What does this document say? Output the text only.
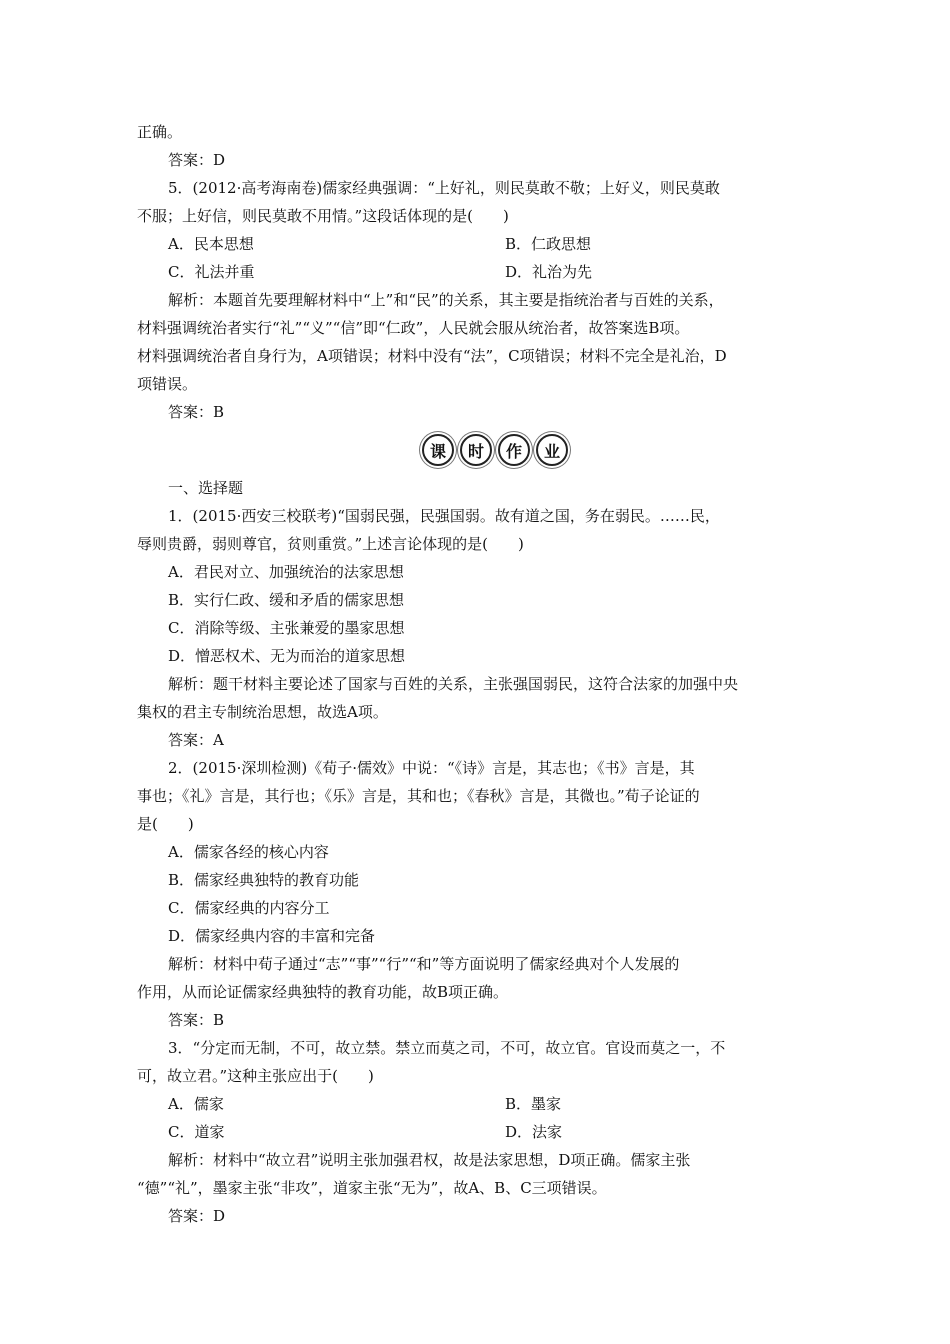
正确。
答案：D
5．(2012·高考海南卷)儒家经典强调：“上好礼，则民莫敢不敬；上好义，则民莫敢
不服；上好信，则民莫敢不用情。”这段话体现的是(　　)
A．民本思想	B．仁政思想
C．礼法并重	D．礼治为先
解析：本题首先要理解材料中“上”和“民”的关系，其主要是指统治者与百姓的关系，
材料强调统治者实行“礼”“义”“信”即“仁政”，人民就会服从统治者，故答案选B项。
材料强调统治者自身行为，A项错误；材料中没有“法”，C项错误；材料不完全是礼治，D
项错误。
答案：B
课	时	作	业
一、选择题
1．(2015·西安三校联考)“国弱民强，民强国弱。故有道之国，务在弱民。……民，
辱则贵爵，弱则尊官，贫则重赏。”上述言论体现的是(　　)
A．君民对立、加强统治的法家思想
B．实行仁政、缓和矛盾的儒家思想
C．消除等级、主张兼爱的墨家思想
D．憎恶权术、无为而治的道家思想
解析：题干材料主要论述了国家与百姓的关系，主张强国弱民，这符合法家的加强中央
集权的君主专制统治思想，故选A项。
答案：A
2．(2015·深圳检测)《荀子·儒效》中说：“《诗》言是，其志也；《书》言是，其
事也；《礼》言是，其行也；《乐》言是，其和也；《春秋》言是，其微也。”荀子论证的
是(　　)
A．儒家各经的核心内容
B．儒家经典独特的教育功能
C．儒家经典的内容分工
D．儒家经典内容的丰富和完备
解析：材料中荀子通过“志”“事”“行”“和”等方面说明了儒家经典对个人发展的
作用，从而论证儒家经典独特的教育功能，故B项正确。
答案：B
3．“分定而无制，不可，故立禁。禁立而莫之司，不可，故立官。官设而莫之一，不
可，故立君。”这种主张应出于(　　)
A．儒家	B．墨家
C．道家	D．法家
解析：材料中“故立君”说明主张加强君权，故是法家思想，D项正确。儒家主张
“德”“礼”，墨家主张“非攻”，道家主张“无为”，故A、B、C三项错误。
答案：D
